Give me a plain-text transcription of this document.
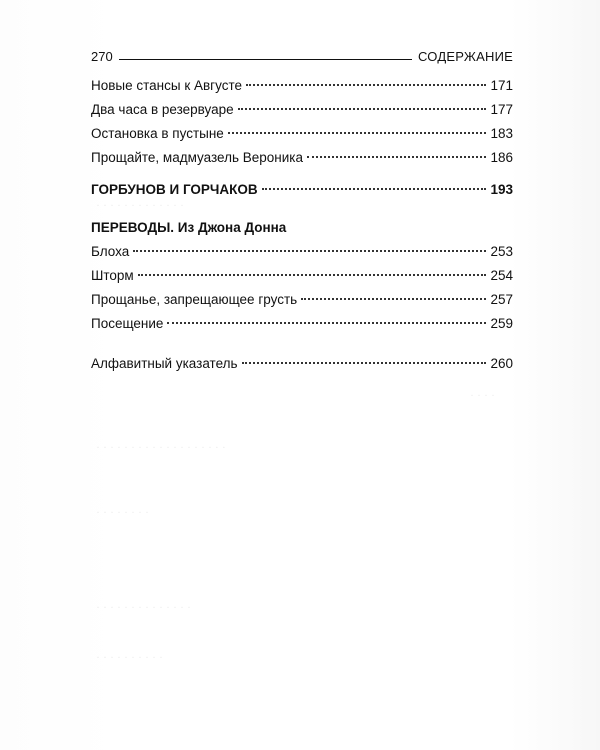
· · · · · · · · · · · · ·
· · · ·
· · · · · · · · · · · · · · · · · · ·
· · · · · · · ·
· · · · · · · · · · · · · ·
· · · · · · · · · ·
270	СОДЕРЖАНИЕ
Новые стансы к Августе	171
Два часа в резервуаре	177
Остановка в пустыне	183
Прощайте, мадмуазель Вероника	186
ГОРБУНОВ И ГОРЧАКОВ	193
ПЕРЕВОДЫ. Из Джона Донна
Блоха	253
Шторм	254
Прощанье, запрещающее грусть	257
Посещение	259
Алфавитный указатель	260
